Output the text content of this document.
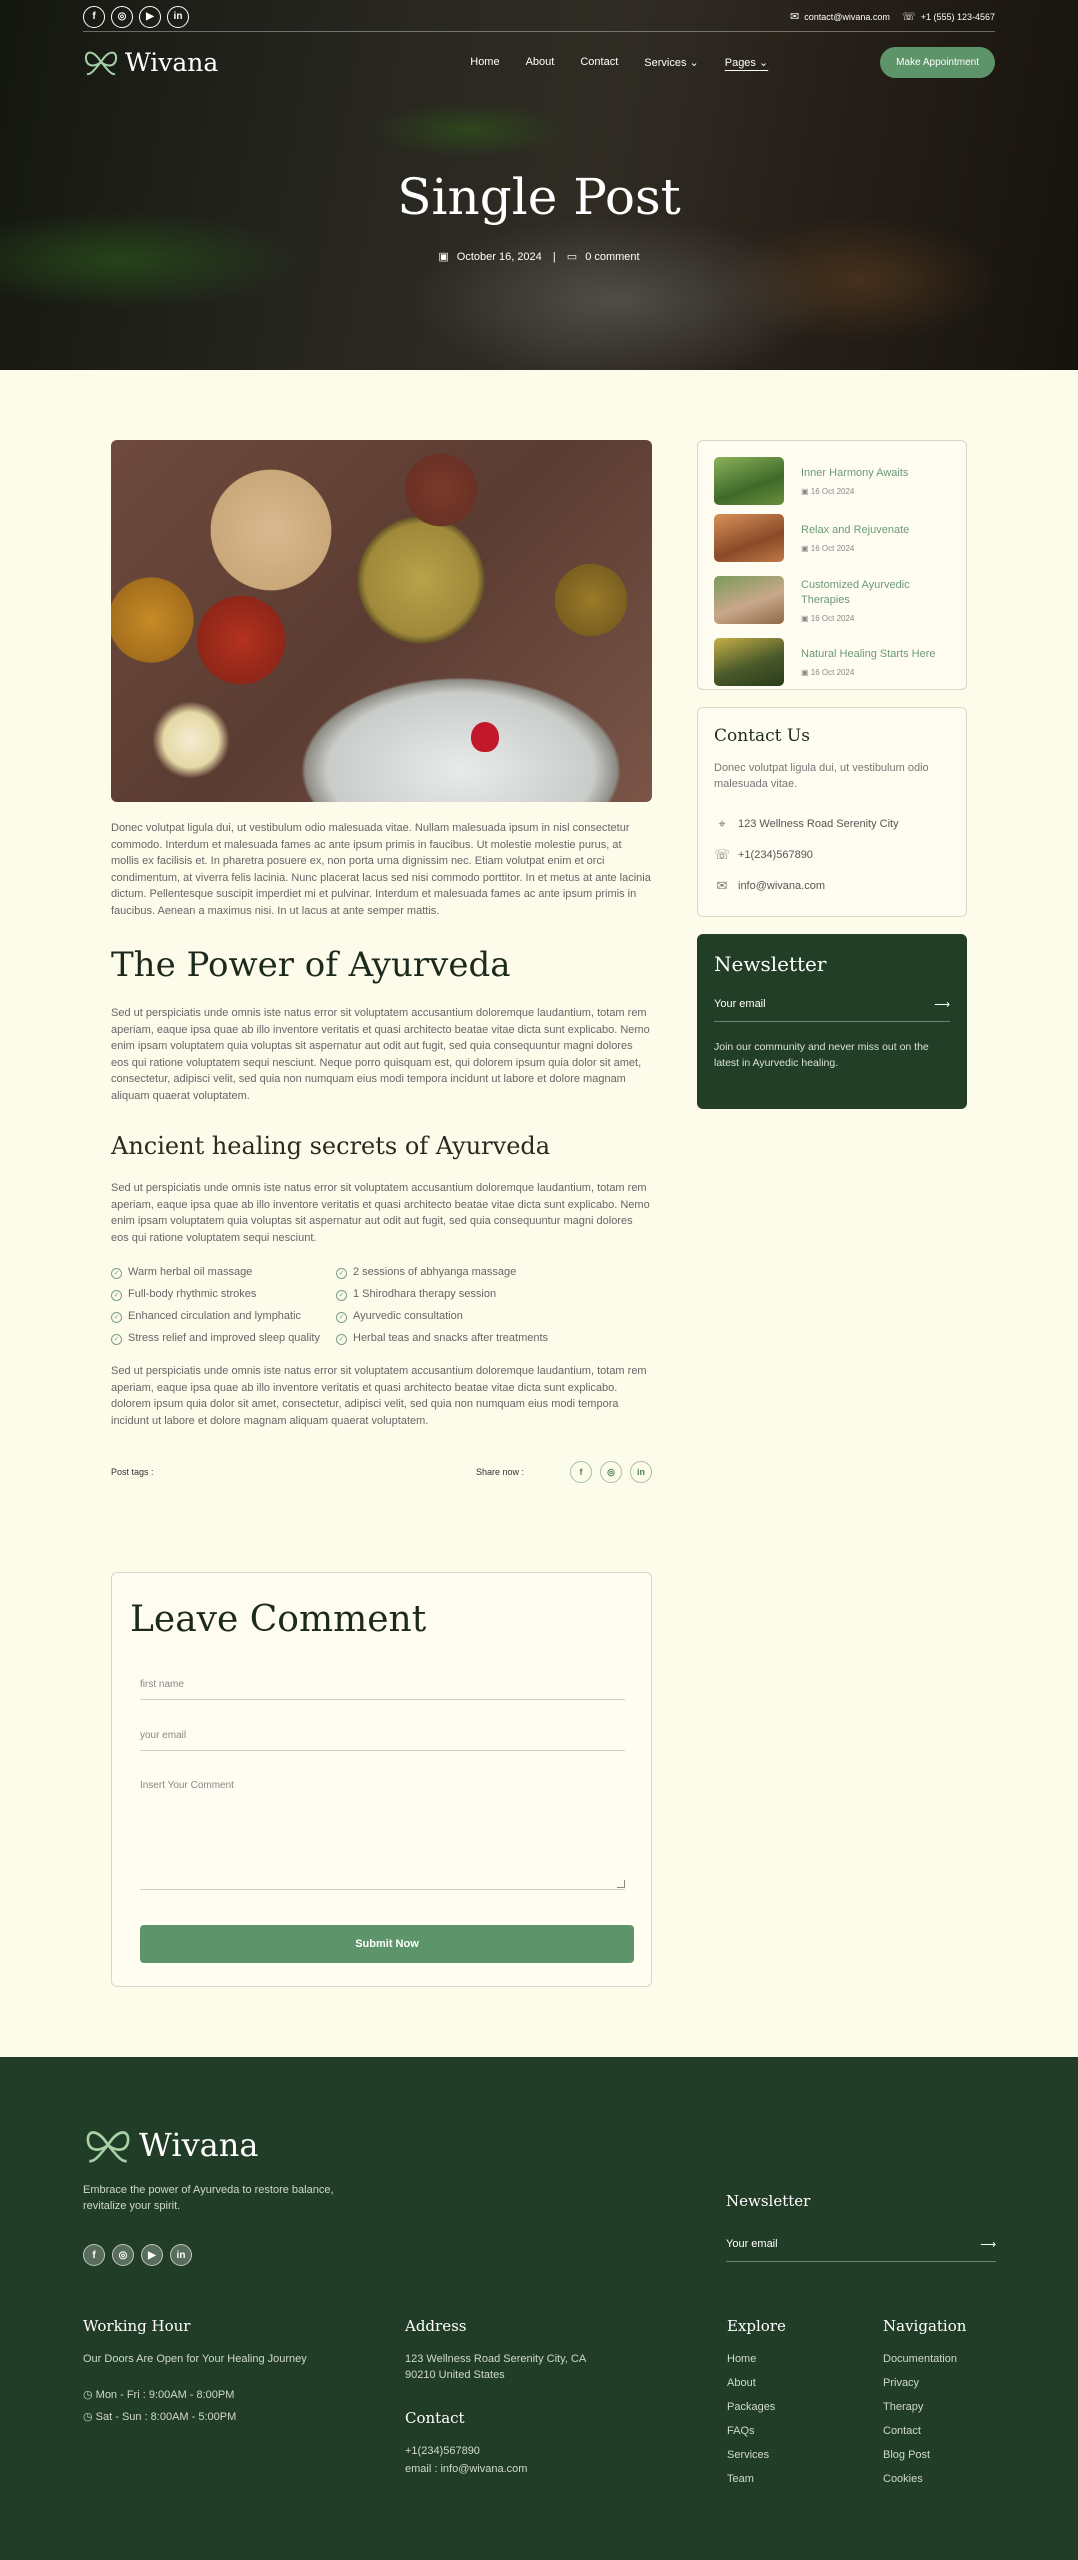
f	◎	▶	in	✉ contact@wivana.com ☏ +1 (555) 123-4567
Wivana	Home About Contact Services ⌄ Pages ⌄	Make Appointment
Single Post
▣ October 16, 2024 | ▭ 0 comment

Donec volutpat ligula dui, ut vestibulum odio malesuada vitae. Nullam malesuada ipsum in nisl consectetur commodo. Interdum et malesuada fames ac ante ipsum primis in faucibus. Ut molestie molestie purus, at mollis ex facilisis et. In pharetra posuere ex, non porta urna dignissim nec. Etiam volutpat enim et orci condimentum, at viverra felis lacinia. Nunc placerat lacus sed nisi commodo porttitor. In et metus at ante lacinia dictum. Pellentesque suscipit imperdiet mi et pulvinar. Interdum et malesuada fames ac ante ipsum primis in faucibus. Aenean a maximus nisi. In ut lacus at ante semper mattis.

The Power of Ayurveda

Sed ut perspiciatis unde omnis iste natus error sit voluptatem accusantium doloremque laudantium, totam rem aperiam, eaque ipsa quae ab illo inventore veritatis et quasi architecto beatae vitae dicta sunt explicabo. Nemo enim ipsam voluptatem quia voluptas sit aspernatur aut odit aut fugit, sed quia consequuntur magni dolores eos qui ratione voluptatem sequi nesciunt. Neque porro quisquam est, qui dolorem ipsum quia dolor sit amet, consectetur, adipisci velit, sed quia non numquam eius modi tempora incidunt ut labore et dolore magnam aliquam quaerat voluptatem.

Ancient healing secrets of Ayurveda

Sed ut perspiciatis unde omnis iste natus error sit voluptatem accusantium doloremque laudantium, totam rem aperiam, eaque ipsa quae ab illo inventore veritatis et quasi architecto beatae vitae dicta sunt explicabo. Nemo enim ipsam voluptatem quia voluptas sit aspernatur aut odit aut fugit, sed quia consequuntur magni dolores eos qui ratione voluptatem sequi nesciunt.

✓ Warm herbal oil massage	✓ 2 sessions of abhyanga massage
✓ Full-body rhythmic strokes	✓ 1 Shirodhara therapy session
✓ Enhanced circulation and lymphatic	✓ Ayurvedic consultation
✓ Stress relief and improved sleep quality	✓ Herbal teas and snacks after treatments

Sed ut perspiciatis unde omnis iste natus error sit voluptatem accusantium doloremque laudantium, totam rem aperiam, eaque ipsa quae ab illo inventore veritatis et quasi architecto beatae vitae dicta sunt explicabo. dolorem ipsum quia dolor sit amet, consectetur, adipisci velit, sed quia non numquam eius modi tempora incidunt ut labore et dolore magnam aliquam quaerat voluptatem.

Post tags :	Share now :	f	◎	in
Leave Comment
first name
your email
Insert Your Comment
Submit Now
Inner Harmony Awaits
▣ 16 Oct 2024
Relax and Rejuvenate
▣ 16 Oct 2024
Customized Ayurvedic Therapies
▣ 16 Oct 2024
Natural Healing Starts Here
▣ 16 Oct 2024
Contact Us

Donec volutpat ligula dui, ut vestibulum odio malesuada vitae.

⌖	123 Wellness Road Serenity City
☏ +1(234)567890
✉ info@wivana.com
Newsletter
Your email	⟶

Join our community and never miss out on the latest in Ayurvedic healing.

Wivana

Embrace the power of Ayurveda to restore balance, revitalize your spirit.

f	◎	▶	in
Newsletter
Your email	⟶
Working Hour
Our Doors Are Open for Your Healing Journey
◷ Mon - Fri : 9:00AM - 8:00PM
◷ Sat - Sun : 8:00AM - 5:00PM
Address
123 Wellness Road Serenity City, CA 90210 United States
Contact
+1(234)567890
email : info@wivana.com
Explore
Home
About
Packages
FAQs
Services
Team
Navigation
Documentation
Privacy
Therapy
Contact
Blog Post
Cookies
